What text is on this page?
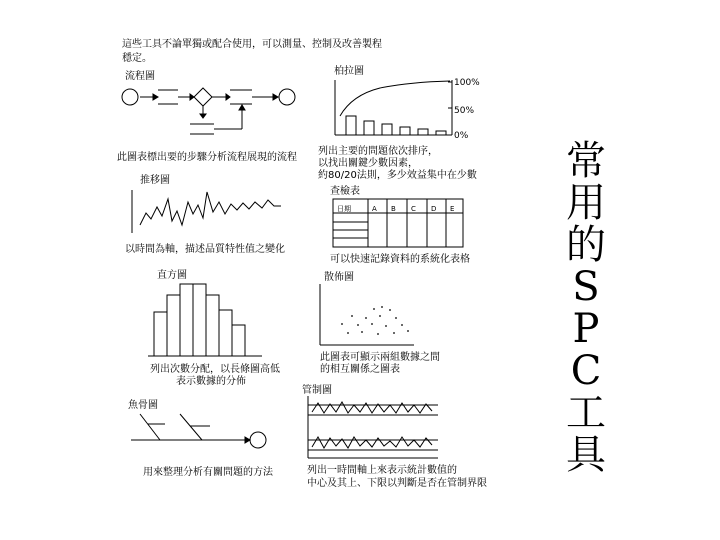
這些工具不論單獨或配合使用，可以測量、控制及改善製程
穩定。
流程圖	柏拉圖
推移圖
查檢表
直方圖	散佈圖
魚骨圖
管制圖
100%
50%
0%
日期	A B C D E
此圖表標出要的步驟分析流程展現的流程
列出主要的問題依次排序，
以找出關鍵少數因素，
約80/20法則，多少效益集中在少數
以時間為軸，描述品質特性值之變化
可以快速記錄資料的系統化表格
列出次數分配，以長條圖高低
表示數據的分佈
此圖表可顯示兩組數據之間
的相互關係之圖表
用來整理分析有關問題的方法	列出一時間軸上來表示統計數值的
中心及其上、下限以判斷是否在管制界限
常
用
的
S
P
C
工
具
